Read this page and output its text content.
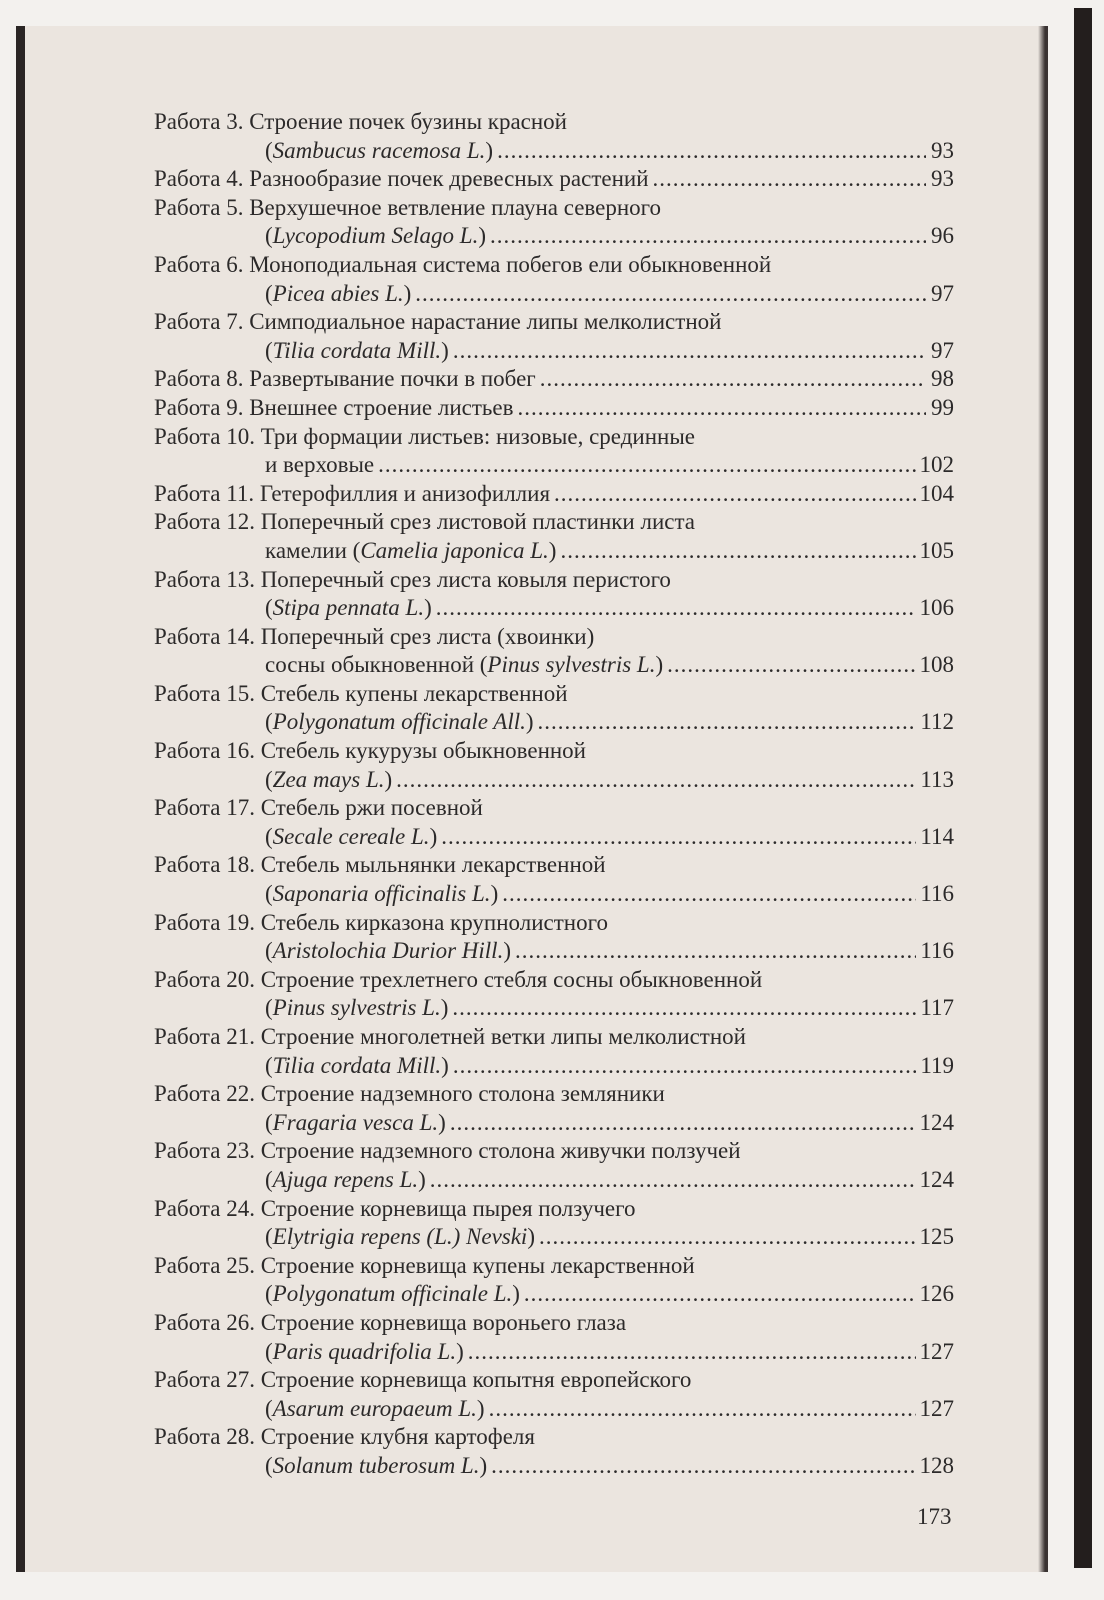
Работа 3. Строение почек бузины красной
(Sambucus racemosa L.) .....	93
Работа 4. Разнообразие почек древесных растений .....	93
Работа 5. Верхушечное ветвление плауна северного
(Lycopodium Selago L.) .....	96
Работа 6. Моноподиальная система побегов ели обыкновенной
(Picea abies L.) .....	97
Работа 7. Симподиальное нарастание липы мелколистной
(Tilia cordata Mill.) .....	97
Работа 8. Развертывание почки в побег .....	98
Работа 9. Внешнее строение листьев .....	99
Работа 10. Три формации листьев: низовые, срединные
и верховые .....	102
Работа 11. Гетерофиллия и анизофиллия .....	104
Работа 12. Поперечный срез листовой пластинки листа
камелии (Camelia japonica L.) .....	105
Работа 13. Поперечный срез листа ковыля перистого
(Stipa pennata L.) .....	106
Работа 14. Поперечный срез листа (хвоинки)
сосны обыкновенной (Pinus sylvestris L.) .....	108
Работа 15. Стебель купены лекарственной
(Polygonatum officinale All.) .....	112
Работа 16. Стебель кукурузы обыкновенной
(Zea mays L.) .....	113
Работа 17. Стебель ржи посевной
(Secale cereale L.) .....	114
Работа 18. Стебель мыльнянки лекарственной
(Saponaria officinalis L.) .....	116
Работа 19. Стебель кирказона крупнолистного
(Aristolochia Durior Hill.) .....	116
Работа 20. Строение трехлетнего стебля сосны обыкновенной
(Pinus sylvestris L.) .....	117
Работа 21. Строение многолетней ветки липы мелколистной
(Tilia cordata Mill.) .....	119
Работа 22. Строение надземного столона земляники
(Fragaria vesca L.) .....	124
Работа 23. Строение надземного столона живучки ползучей
(Ajuga repens L.) .....	124
Работа 24. Строение корневища пырея ползучего
(Elytrigia repens (L.) Nevski) .....	125
Работа 25. Строение корневища купены лекарственной
(Polygonatum officinale L.) .....	126
Работа 26. Строение корневища вороньего глаза
(Paris quadrifolia L.) .....	127
Работа 27. Строение корневища копытня европейского
(Asarum europaeum L.) .....	127
Работа 28. Строение клубня картофеля
(Solanum tuberosum L.) .....	128
173
